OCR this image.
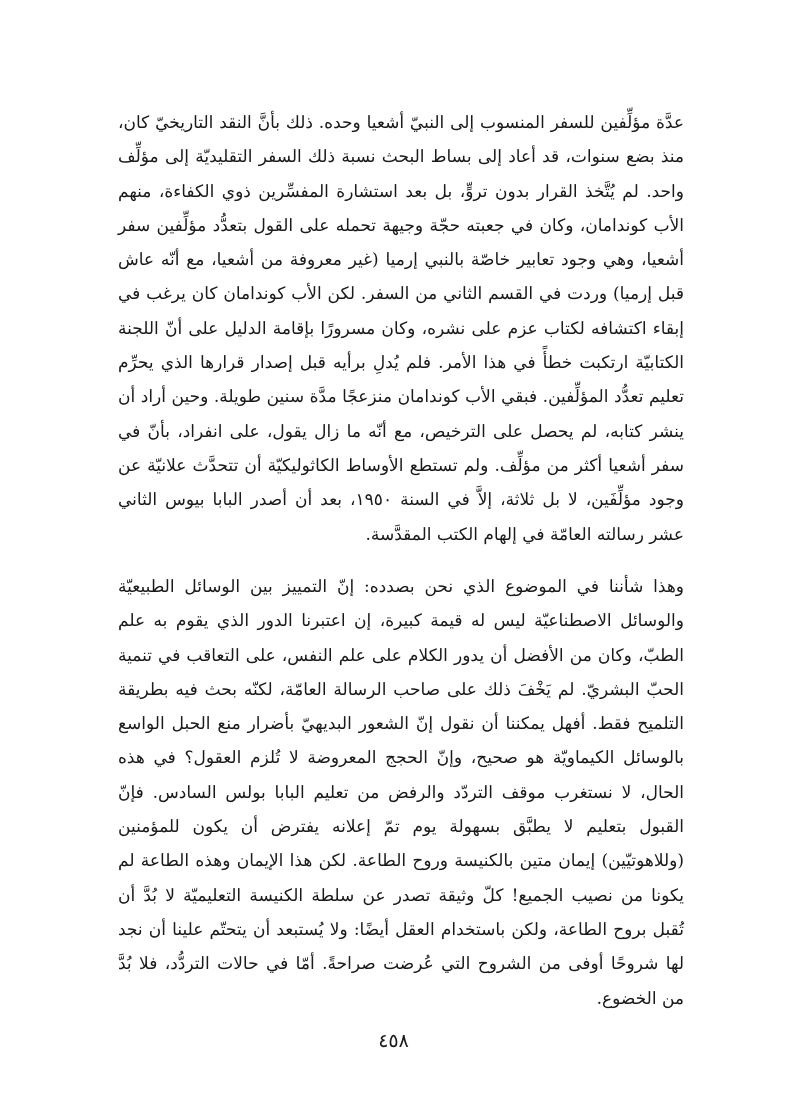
عدَّة مؤلِّفين للسفر المنسوب إلى النبيّ أشعيا وحده. ذلك بأنَّ النقد التاريخيّ كان، منذ بضع سنوات، قد أعاد إلى بساط البحث نسبة ذلك السفر التقليديّة إلى مؤلِّف واحد. لم يُتَّخذ القرار بدون تروٍّ، بل بعد استشارة المفسِّرين ذوي الكفاءة، منهم الأب كوندامان، وكان في جعبته حجّة وجيهة تحمله على القول بتعدُّد مؤلِّفين سفر أشعيا، وهي وجود تعابير خاصّة بالنبي إرميا (غير معروفة من أشعيا، مع أنّه عاش قبل إرميا) وردت في القسم الثاني من السفر. لكن الأب كوندامان كان يرغب في إبقاء اكتشافه لكتاب عزم على نشره، وكان مسرورًا بإقامة الدليل على أنّ اللجنة الكتابيّة ارتكبت خطأً في هذا الأمر. فلم يُدلِ برأيه قبل إصدار قرارها الذي يحرِّم تعليم تعدُّد المؤلِّفين. فبقي الأب كوندامان منزعجًا مدَّة سنين طويلة. وحين أراد أن ينشر كتابه، لم يحصل على الترخيص، مع أنّه ما زال يقول، على انفراد، بأنّ في سفر أشعيا أكثر من مؤلِّف. ولم تستطع الأوساط الكاثوليكيّة أن تتحدَّث علانيّة عن وجود مؤلِّفَين، لا بل ثلاثة، إلاَّ في السنة ١٩٥٠، بعد أن أصدر البابا بيوس الثاني عشر رسالته العامّة في إلهام الكتب المقدَّسة.

وهذا شأننا في الموضوع الذي نحن بصدده: إنّ التمييز بين الوسائل الطبيعيّة والوسائل الاصطناعيّة ليس له قيمة كبيرة، إن اعتبرنا الدور الذي يقوم به علم الطبّ، وكان من الأفضل أن يدور الكلام على علم النفس، على التعاقب في تنمية الحبّ البشريّ. لم يَخْفَ ذلك على صاحب الرسالة العامّة، لكنّه بحث فيه بطريقة التلميح فقط. أفهل يمكننا أن نقول إنّ الشعور البديهيّ بأضرار منع الحبل الواسع بالوسائل الكيماويّة هو صحيح، وإنّ الحجج المعروضة لا تُلزم العقول؟ في هذه الحال، لا نستغرب موقف التردّد والرفض من تعليم البابا بولس السادس. فإنّ القبول بتعليم لا يطبَّق بسهولة يوم تمّ إعلانه يفترض أن يكون للمؤمنين (وللاهوتيّين) إيمان متين بالكنيسة وروح الطاعة. لكن هذا الإيمان وهذه الطاعة لم يكونا من نصيب الجميع! كلّ وثيقة تصدر عن سلطة الكنيسة التعليميّة لا بُدَّ أن تُقبل بروح الطاعة، ولكن باستخدام العقل أيضًا: ولا يُستبعد أن يتحتّم علينا أن نجد لها شروحًا أوفى من الشروح التي عُرضت صراحةً. أمّا في حالات التردُّد، فلا بُدَّ من الخضوع.

٤٥٨
